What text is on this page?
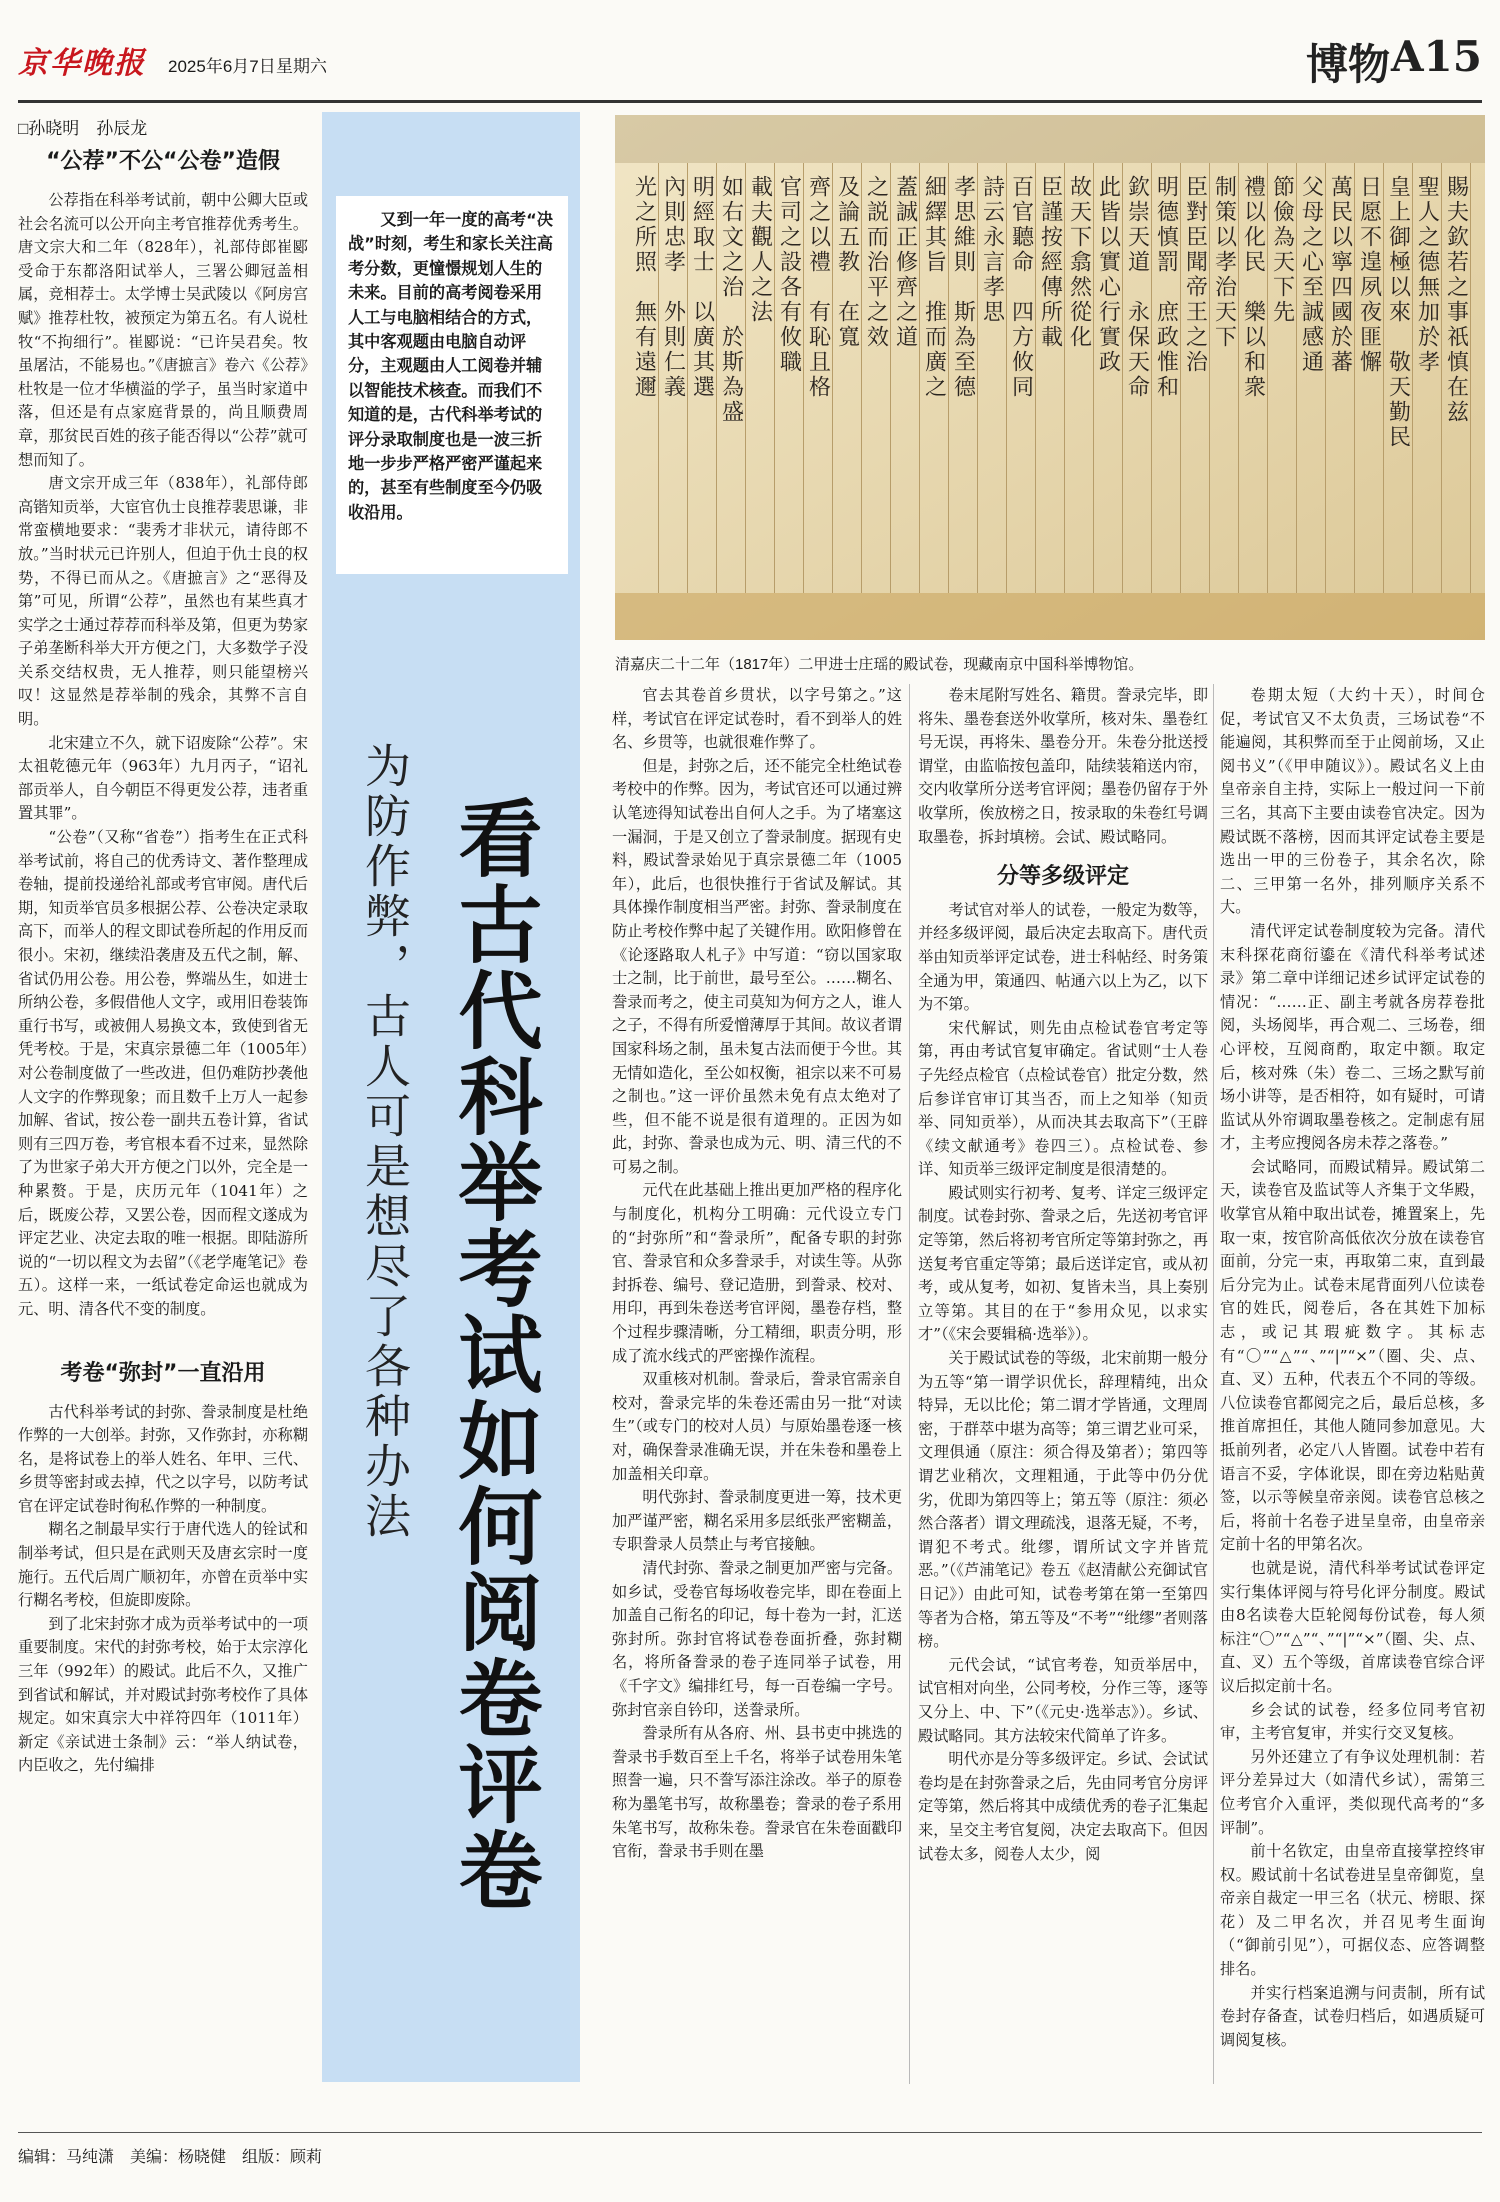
京华晚报 2025年6月7日 星期六	博物 A15
□孙晓明　孙辰龙
“公荐”不公“公卷”造假

公荐指在科举考试前，朝中公卿大臣或社会名流可以公开向主考官推荐优秀考生。唐文宗大和二年（828年），礼部侍郎崔郾受命于东都洛阳试举人，三署公卿冠盖相属，竞相荐士。太学博士吴武陵以《阿房宫赋》推荐杜牧，被预定为第五名。有人说杜牧“不拘细行”。崔郾说：“已许吴君矣。牧虽屠沽，不能易也。”《唐摭言》卷六《公荐》杜牧是一位才华横溢的学子，虽当时家道中落，但还是有点家庭背景的，尚且顺费周章，那贫民百姓的孩子能否得以“公荐”就可想而知了。

唐文宗开成三年（838年），礼部侍郎高锴知贡举，大宦官仇士良推荐裴思谦，非常蛮横地要求：“裴秀才非状元，请待郎不放。”当时状元已许别人，但迫于仇士良的权势，不得已而从之。《唐摭言》之“恶得及第”可见，所谓“公荐”，虽然也有某些真才实学之士通过荐荐而科举及第，但更为势家子弟垄断科举大开方便之门，大多数学子没关系交结权贵，无人推荐，则只能望榜兴叹！这显然是荐举制的残余，其弊不言自明。

北宋建立不久，就下诏废除“公荐”。宋太祖乾德元年（963年）九月丙子，“诏礼部贡举人，自今朝臣不得更发公荐，违者重置其罪”。

“公卷”（又称“省卷”）指考生在正式科举考试前，将自己的优秀诗文、著作整理成卷轴，提前投递给礼部或考官审阅。唐代后期，知贡举官员多根据公荐、公卷决定录取高下，而举人的程文即试卷所起的作用反而很小。宋初，继续沿袭唐及五代之制，解、省试仍用公卷。用公卷，弊端丛生，如进士所纳公卷，多假借他人文字，或用旧卷装饰重行书写，或被佣人易换文本，致使到省无凭考校。于是，宋真宗景德二年（1005年）对公卷制度做了一些改进，但仍难防抄袭他人文字的作弊现象；而且数千上万人一起参加解、省试，按公卷一副共五卷计算，省试则有三四万卷，考官根本看不过来，显然除了为世家子弟大开方便之门以外，完全是一种累赘。于是，庆历元年（1041年）之后，既废公荐，又罢公卷，因而程文遂成为评定艺业、决定去取的唯一根据。即陆游所说的“一切以程文为去留”（《老学庵笔记》卷五）。这样一来，一纸试卷定命运也就成为元、明、清各代不变的制度。

考卷“弥封”一直沿用

古代科举考试的封弥、誊录制度是杜绝作弊的一大创举。封弥，又作弥封，亦称糊名，是将试卷上的举人姓名、年甲、三代、乡贯等密封或去掉，代之以字号，以防考试官在评定试卷时徇私作弊的一种制度。

糊名之制最早实行于唐代选人的铨试和制举考试，但只是在武则天及唐玄宗时一度施行。五代后周广顺初年，亦曾在贡举中实行糊名考校，但旋即废除。

到了北宋封弥才成为贡举考试中的一项重要制度。宋代的封弥考校，始于太宗淳化三年（992年）的殿试。此后不久，又推广到省试和解试，并对殿试封弥考校作了具体规定。如宋真宗大中祥符四年（1011年）新定《亲试进士条制》云：“举人纳试卷，内臣收之，先付编排

又到一年一度的高考“决战”时刻，考生和家长关注高考分数，更憧憬规划人生的未来。目前的高考阅卷采用人工与电脑相结合的方式，其中客观题由电脑自动评分，主观题由人工阅卷并辅以智能技术核查。而我们不知道的是，古代科举考试的评分录取制度也是一波三折地一步步严格严密严谨起来的，甚至有些制度至今仍吸收沿用。

为防作弊，古人可是想尽了各种办法 看古代科举考试如何阅卷评卷
賜夫欽若之事祇慎在兹
聖人之德無加於孝
皇上御極以來　敬天勤民
日愿不遑夙夜匪懈
萬民以寧四國於蕃
父母之心至誠感通
節儉為天下先
禮以化民　樂以和衆
制策以孝治天下
臣對臣聞帝王之治
明德慎罰　庶政惟和
欽崇天道　永保天命
此皆以實心行實政
故天下翕然從化
臣謹按經傳所載
百官聽命　四方攸同
詩云永言孝思
孝思維則　斯為至德
細繹其旨　推而廣之
蓋誠正修齊之道
之説而治平之效
及論五教　在寬
齊之以禮　有恥且格
官司之設各有攸職
載夫觀人之法
如右文之治　於斯為盛
明經取士　以廣其選
內則忠孝　外則仁義
光之所照　無有遠邇
清嘉庆二十二年（1817年）二甲进士庄瑶的殿试卷，现藏南京中国科举博物馆。

官去其卷首乡贯状，以字号第之。”这样，考试官在评定试卷时，看不到举人的姓名、乡贯等，也就很难作弊了。

但是，封弥之后，还不能完全杜绝试卷考校中的作弊。因为，考试官还可以通过辨认笔迹得知试卷出自何人之手。为了堵塞这一漏洞，于是又创立了誊录制度。据现有史料，殿试誊录始见于真宗景德二年（1005年），此后，也很快推行于省试及解试。其具体操作制度相当严密。封弥、誊录制度在防止考校作弊中起了关键作用。欧阳修曾在《论逐路取人札子》中写道：“窃以国家取士之制，比于前世，最号至公。……糊名、誊录而考之，使主司莫知为何方之人，谁人之子，不得有所爱憎薄厚于其间。故议者谓国家科场之制，虽未复古法而便于今世。其无情如造化，至公如权衡，祖宗以来不可易之制也。”这一评价虽然未免有点太绝对了些，但不能不说是很有道理的。正因为如此，封弥、誊录也成为元、明、清三代的不可易之制。

元代在此基础上推出更加严格的程序化与制度化，机构分工明确：元代设立专门的“封弥所”和“誊录所”，配备专职的封弥官、誊录官和众多誊录手，对读生等。从弥封拆卷、编号、登记造册，到誊录、校对、用印，再到朱卷送考官评阅，墨卷存档，整个过程步骤清晰，分工精细，职责分明，形成了流水线式的严密操作流程。

双重核对机制。誊录后，誊录官需亲自校对，誊录完毕的朱卷还需由另一批“对读生”（或专门的校对人员）与原始墨卷逐一核对，确保誊录准确无误，并在朱卷和墨卷上加盖相关印章。

明代弥封、誊录制度更进一筹，技术更加严谨严密，糊名采用多层纸张严密糊盖，专职誊录人员禁止与考官接触。

清代封弥、誊录之制更加严密与完备。如乡试，受卷官每场收卷完毕，即在卷面上加盖自己衔名的印记，每十卷为一封，汇送弥封所。弥封官将试卷卷面折叠，弥封糊名，将所备誊录的卷子连同举子试卷，用《千字文》编排红号，每一百卷编一字号。弥封官亲自钤印，送誊录所。

誊录所有从各府、州、县书吏中挑选的誊录书手数百至上千名，将举子试卷用朱笔照誊一遍，只不誊写添注涂改。举子的原卷称为墨笔书写，故称墨卷；誊录的卷子系用朱笔书写，故称朱卷。誊录官在朱卷面戳印官衔，誊录书手则在墨

卷末尾附写姓名、籍贯。誊录完毕，即将朱、墨卷套送外收掌所，核对朱、墨卷红号无误，再将朱、墨卷分开。朱卷分批送授谓堂，由监临按包盖印，陆续装箱送内帘，交内收掌所分送考官评阅；墨卷仍留存于外收掌所，俟放榜之日，按录取的朱卷红号调取墨卷，拆封填榜。会试、殿试略同。

分等多级评定

考试官对举人的试卷，一般定为数等，并经多级评阅，最后决定去取高下。唐代贡举由知贡举评定试卷，进士科帖经、时务策全通为甲，策通四、帖通六以上为乙，以下为不第。

宋代解试，则先由点检试卷官考定等第，再由考试官复审确定。省试则“士人卷子先经点检官（点检试卷官）批定分数，然后参详官审订其当否，而上之知举（知贡举、同知贡举），从而决其去取高下”（王辟《续文献通考》卷四三）。点检试卷、参详、知贡举三级评定制度是很清楚的。

殿试则实行初考、复考、详定三级评定制度。试卷封弥、誊录之后，先送初考官评定等第，然后将初考官所定等第封弥之，再送复考官重定等第；最后送详定官，或从初考，或从复考，如初、复皆未当，具上奏别立等第。其目的在于“参用众见，以求实才”（《宋会要辑稿·选举》）。

关于殿试试卷的等级，北宋前期一般分为五等“第一谓学识优长，辞理精纯，出众特异，无以比伦；第二谓才学皆通，文理周密，于群萃中堪为高等；第三谓艺业可采，文理俱通（原注：须合得及第者）；第四等谓艺业稍次，文理粗通，于此等中仍分优劣，优即为第四等上；第五等（原注：须必然合落者）谓文理疏浅，退落无疑，不考，谓犯不考式。纰缪，谓所试文字并皆荒恶。”（《芦浦笔记》卷五《赵清献公充御试官日记》）由此可知，试卷考第在第一至第四等者为合格，第五等及“不考”“纰缪”者则落榜。

元代会试，“试官考卷，知贡举居中，试官相对向坐，公同考校，分作三等，逐等又分上、中、下”（《元史·选举志》）。乡试、殿试略同。其方法较宋代简单了许多。

明代亦是分等多级评定。乡试、会试试卷均是在封弥誊录之后，先由同考官分房评定等第，然后将其中成绩优秀的卷子汇集起来，呈交主考官复阅，决定去取高下。但因试卷太多，阅卷人太少，阅

卷期太短（大约十天），时间仓促，考试官又不太负责，三场试卷“不能遍阅，其积弊而至于止阅前场，又止阅书义”（《甲申随议》）。殿试名义上由皇帝亲自主持，实际上一般过问一下前三名，其高下主要由读卷官决定。因为殿试既不落榜，因而其评定试卷主要是选出一甲的三份卷子，其余名次，除二、三甲第一名外，排列顺序关系不大。

清代评定试卷制度较为完备。清代末科探花商衍鎏在《清代科举考试述录》第二章中详细记述乡试评定试卷的情况：“……正、副主考就各房荐卷批阅，头场阅毕，再合观二、三场卷，细心评校，互阅商酌，取定中额。取定后，核对殊（朱）卷二、三场之默写前场小讲等，是否相符，如有疑时，可请监试从外帘调取墨卷核之。定制虑有屈才，主考应搜阅各房未荐之落卷。”

会试略同，而殿试精异。殿试第二天，读卷官及监试等人齐集于文华殿，收掌官从箱中取出试卷，摊置案上，先取一束，按官阶高低依次分放在读卷官面前，分完一束，再取第二束，直到最后分完为止。试卷末尾背面列八位读卷官的姓氏，阅卷后，各在其姓下加标志，或记其瑕疵数字。其标志有“〇”“△”“、”“|”“×”（圈、尖、点、直、叉）五种，代表五个不同的等级。八位读卷官都阅完之后，最后总核，多推首席担任，其他人随同参加意见。大抵前列者，必定八人皆圈。试卷中若有语言不妥，字体讹误，即在旁边粘贴黄签，以示等候皇帝亲阅。读卷官总核之后，将前十名卷子进呈皇帝，由皇帝亲定前十名的甲第名次。

也就是说，清代科举考试试卷评定实行集体评阅与符号化评分制度。殿试由8名读卷大臣轮阅每份试卷，每人须标注“〇”“△”“、”“|”“×”（圈、尖、点、直、叉）五个等级，首席读卷官综合评议后拟定前十名。

乡会试的试卷，经多位同考官初审，主考官复审，并实行交叉复核。

另外还建立了有争议处理机制：若评分差异过大（如清代乡试），需第三位考官介入重评，类似现代高考的“多评制”。

前十名钦定，由皇帝直接掌控终审权。殿试前十名试卷进呈皇帝御览，皇帝亲自裁定一甲三名（状元、榜眼、探花）及二甲名次，并召见考生面询（“御前引见”），可据仪态、应答调整排名。

并实行档案追溯与问责制，所有试卷封存备查，试卷归档后，如遇质疑可调阅复核。

编辑：马纯潇　美编：杨晓健　组版：顾莉
